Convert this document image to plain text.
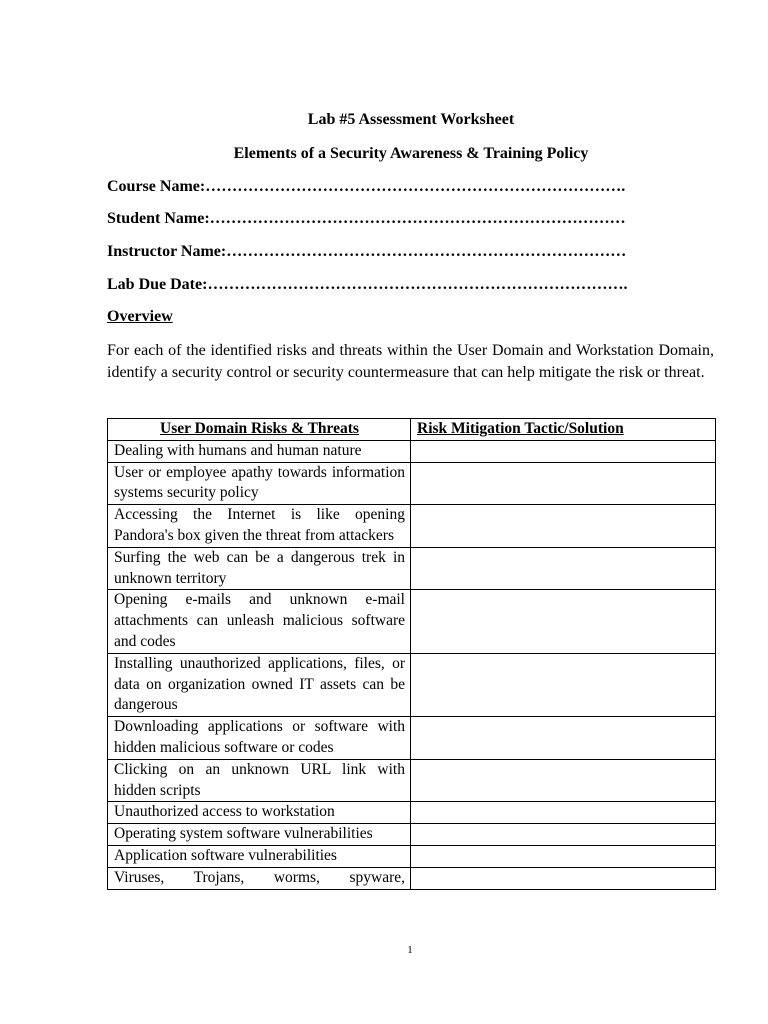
Lab #5 Assessment Worksheet
Elements of a Security Awareness & Training Policy
Course Name:…………………………………………………………………….
Student Name:……………………………………………………………………
Instructor Name:…………………………………………………………………
Lab Due Date:…………………………………………………………………….
Overview
For each of the identified risks and threats within the User Domain and Workstation Domain, identify a security control or security countermeasure that can help mitigate the risk or threat.
User Domain Risks & Threats	Risk Mitigation Tactic/Solution
Dealing with humans and human nature	
User or employee apathy towards information systems security policy	
Accessing the Internet is like opening Pandora's box given the threat from attackers	
Surfing the web can be a dangerous trek in unknown territory	
Opening e-mails and unknown e-mail attachments can unleash malicious software and codes	
Installing unauthorized applications, files, or data on organization owned IT assets can be dangerous	
Downloading applications or software with hidden malicious software or codes	
Clicking on an unknown URL link with hidden scripts	
Unauthorized access to workstation	
Operating system software vulnerabilities	
Application software vulnerabilities	
Viruses, Trojans, worms, spyware,	
1
